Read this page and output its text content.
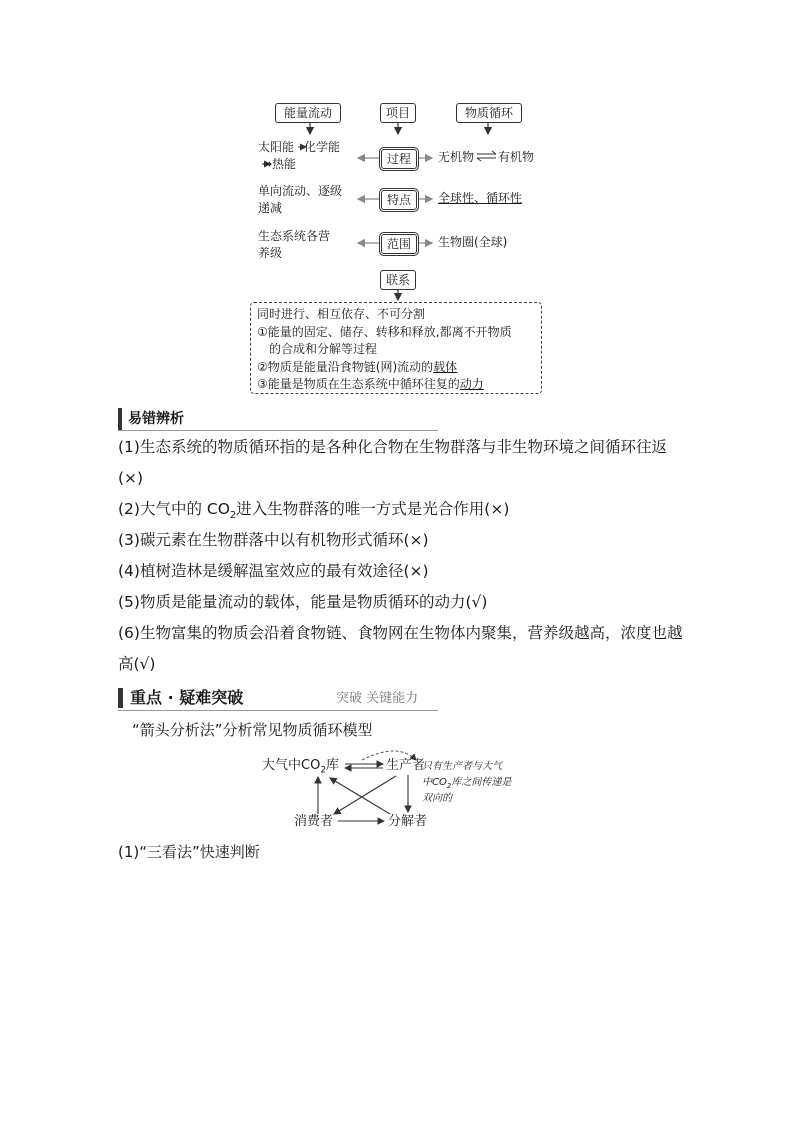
能量流动	项目	物质循环
太阳能 化学能
→热能	过程	无机物 有机物
单向流动、逐级
递减
特点	全球性、循环性
生态系统各营
养级
范围	生物圈(全球)
联系
同时进行、相互依存、不可分割
①能量的固定、储存、转移和释放,都离不开物质
的合成和分解等过程
②物质是能量沿食物链(网)流动的载体
③能量是物质在生态系统中循环往复的动力
易错辨析
(1)生态系统的物质循环指的是各种化合物在生物群落与非生物环境之间循环往返(×)
(2)大气中的 $CO_2$进入生物群落的唯一方式是光合作用(×)
(3)碳元素在生物群落中以有机物形式循环(×)
(4)植树造林是缓解温室效应的最有效途径(×)
(5)物质是能量流动的载体，能量是物质循环的动力(√)
(6)生物富集的物质会沿着食物链、食物网在生物体内聚集，营养级越高，浓度也越高(√)
重点 · 疑难突破	突破 关键能力
“箭头分析法”分析常见物质循环模型
大气中$CO_2$库	生产者
消费者	分解者
只有生产者与大气
中$CO_2$库之间传递是
双向的
(1)“三看法”快速判断
